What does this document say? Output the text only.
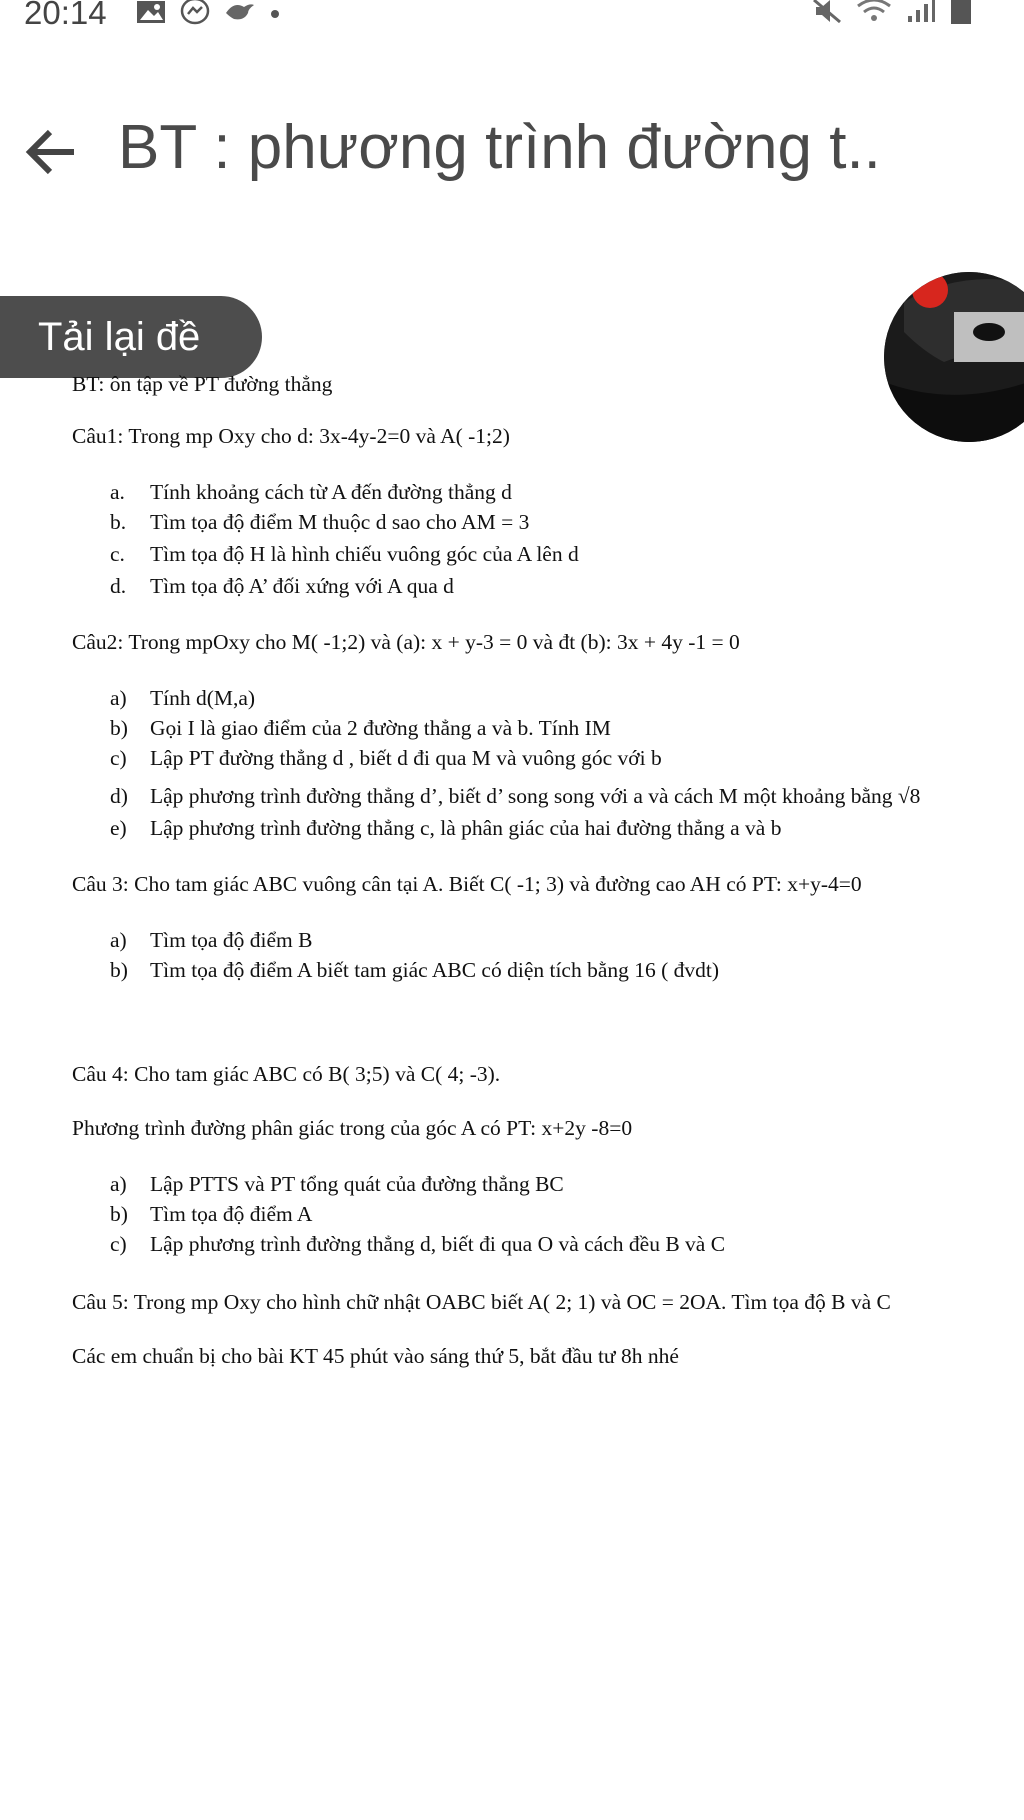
20:14
BT : phương trình đường t..
Tải lại đề
BT: ôn tập về PT đường thẳng
Câu1: Trong mp Oxy cho d: 3x-4y-2=0 và A( -1;2)
a. Tính khoảng cách từ A đến đường thẳng d
b. Tìm tọa độ điểm M thuộc d sao cho AM = 3
c. Tìm tọa độ H là hình chiếu vuông góc của A lên d
d. Tìm tọa độ A’ đối xứng với A qua d
Câu2: Trong mpOxy cho M( -1;2) và (a): x + y-3 = 0 và đt (b): 3x + 4y -1 = 0
a) Tính d(M,a)
b) Gọi I là giao điểm của 2 đường thẳng a và b. Tính IM
c) Lập PT đường thẳng d , biết d đi qua M và vuông góc với b
d) Lập phương trình đường thẳng d’, biết d’ song song với a và cách M một khoảng bằng √8
e) Lập phương trình đường thẳng c, là phân giác của hai đường thẳng a và b
Câu 3: Cho tam giác ABC vuông cân tại A. Biết C( -1; 3) và đường cao AH có PT: x+y-4=0
a) Tìm tọa độ điểm B
b) Tìm tọa độ điểm A biết tam giác ABC có diện tích bằng 16 ( đvdt)
Câu 4: Cho tam giác ABC có B( 3;5) và C( 4; -3).
Phương trình đường phân giác trong của góc A có PT: x+2y -8=0
a) Lập PTTS và PT tổng quát của đường thẳng BC
b) Tìm tọa độ điểm A
c) Lập phương trình đường thẳng d, biết đi qua O và cách đều B và C
Câu 5: Trong mp Oxy cho hình chữ nhật OABC biết A( 2; 1) và OC = 2OA. Tìm tọa độ B và C
Các em chuẩn bị cho bài KT 45 phút vào sáng thứ 5, bắt đầu tư 8h nhé
